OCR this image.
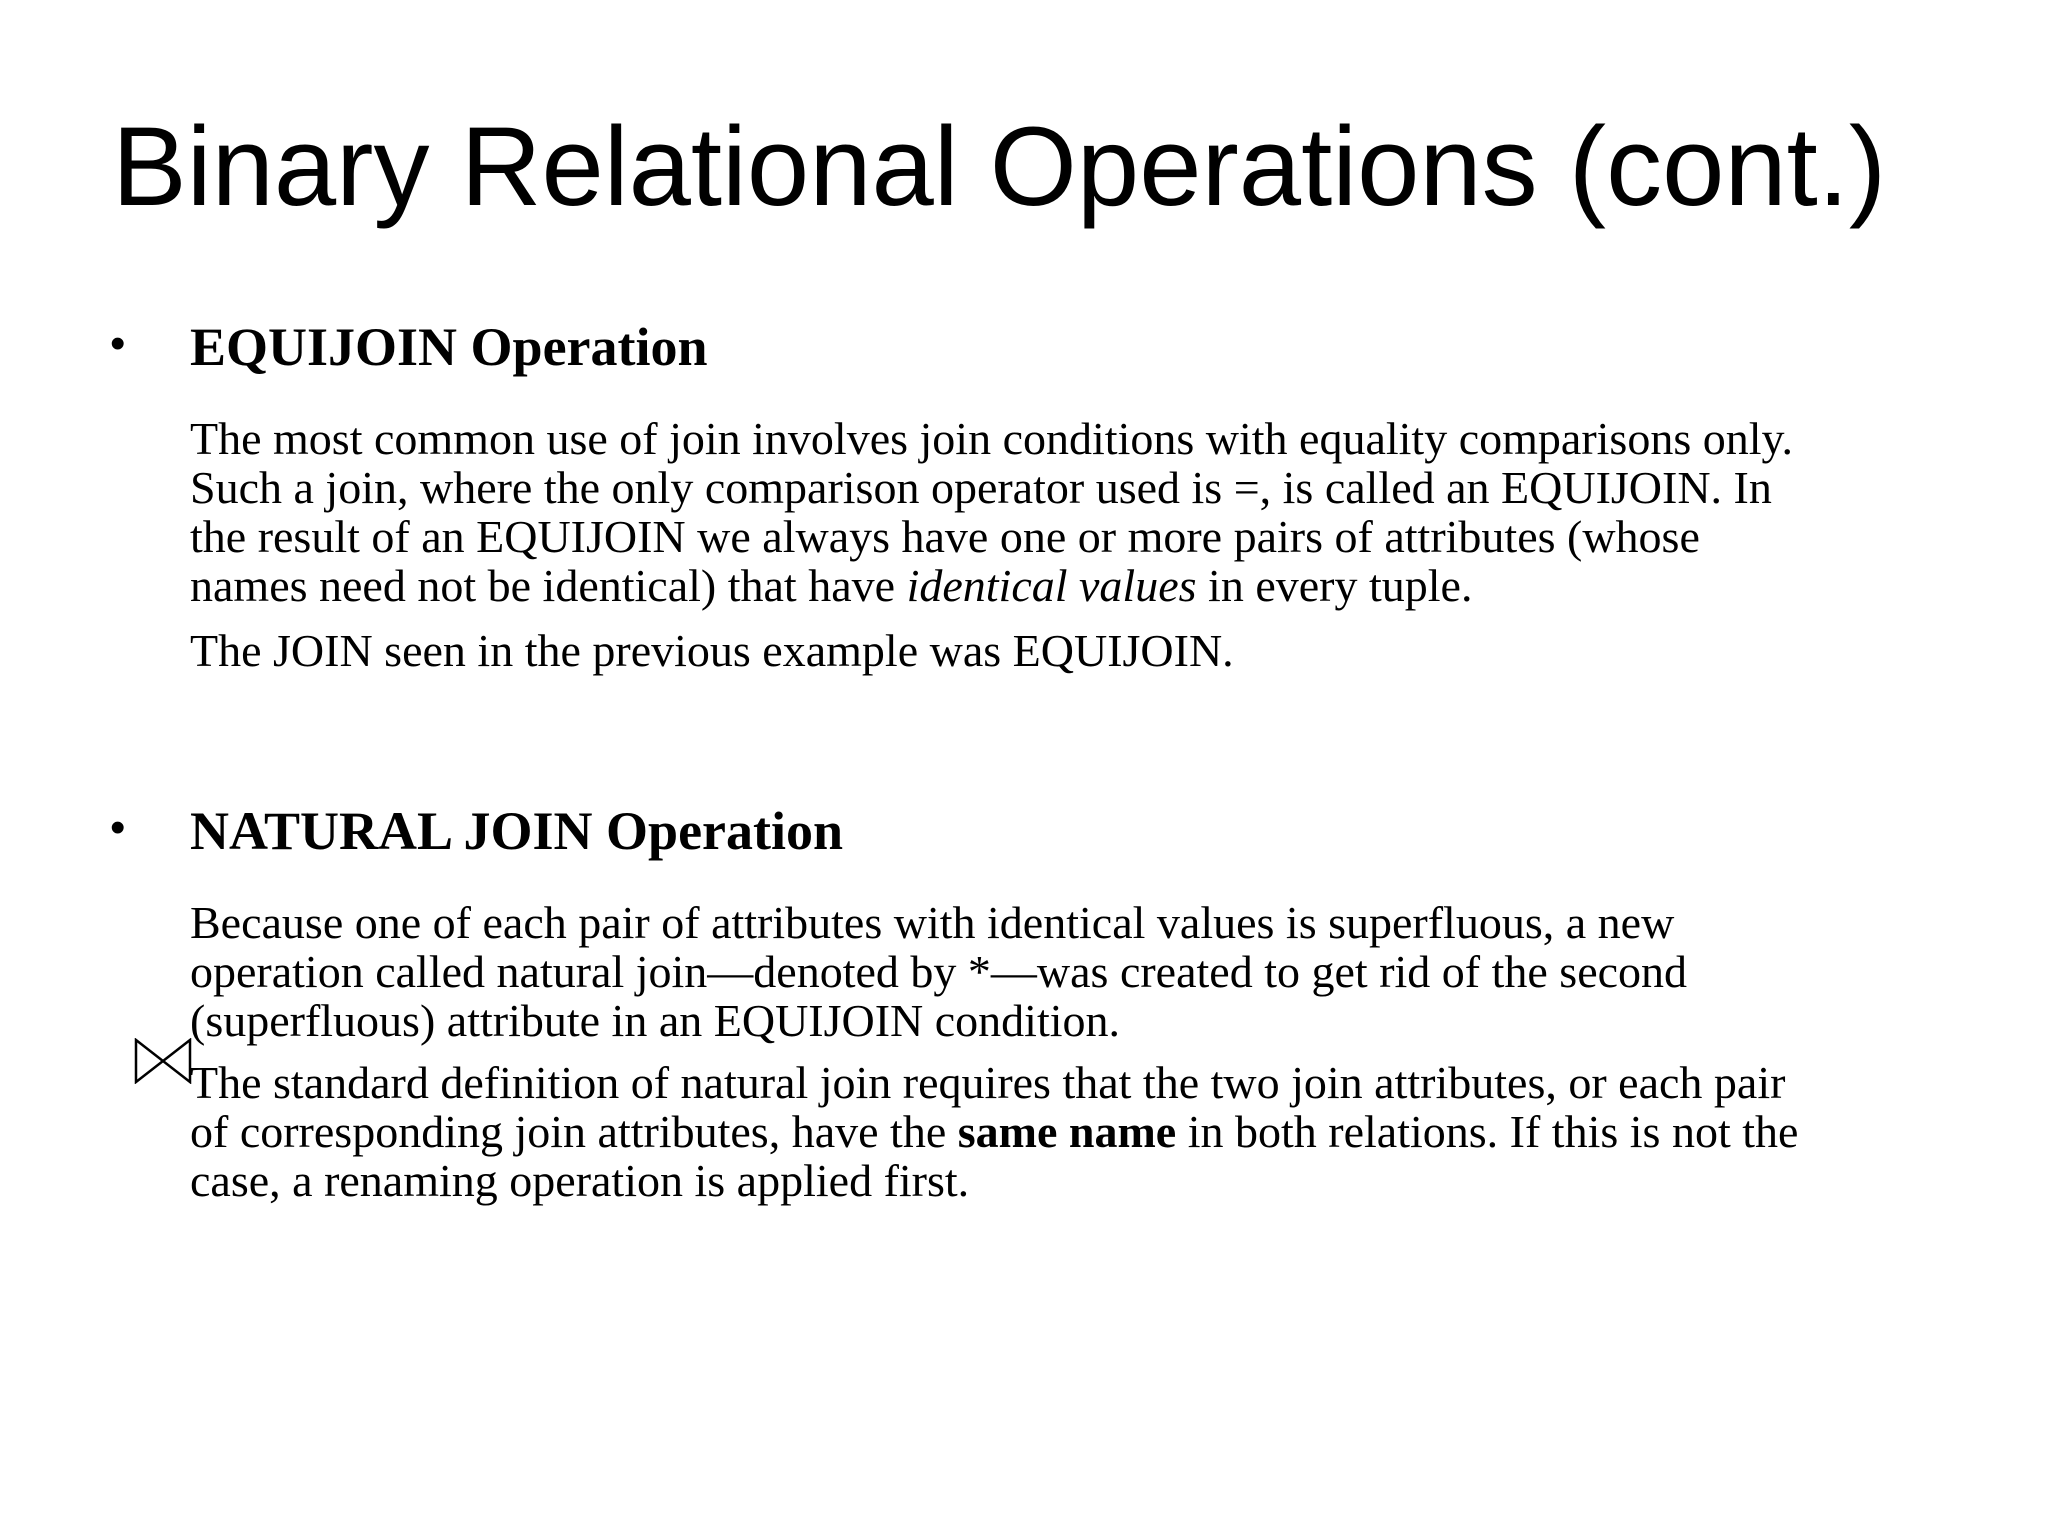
Binary Relational Operations (cont.)
• EQUIJOIN Operation

The most common use of join involves join conditions with equality comparisons only.
Such a join, where the only comparison operator used is =, is called an EQUIJOIN. In
the result of an EQUIJOIN we always have one or more pairs of attributes (whose
names need not be identical) that have identical values in every tuple.

The JOIN seen in the previous example was EQUIJOIN.

• NATURAL JOIN Operation

Because one of each pair of attributes with identical values is superfluous, a new
operation called natural join—denoted by *—was created to get rid of the second
(superfluous) attribute in an EQUIJOIN condition.

The standard definition of natural join requires that the two join attributes, or each pair
of corresponding join attributes, have the same name in both relations. If this is not the
case, a renaming operation is applied first.
